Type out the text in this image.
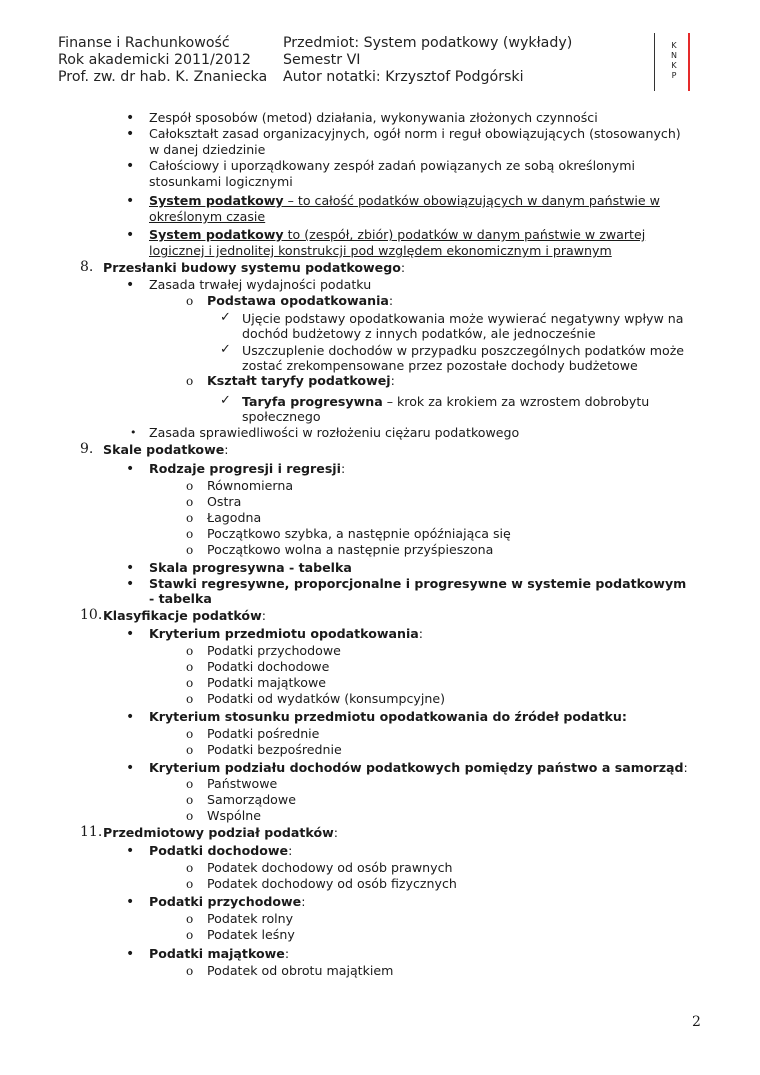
Finanse i Rachunkowość
Rok akademicki 2011/2012
Prof. zw. dr hab. K. Znaniecka
Przedmiot: System podatkowy (wykłady)
Semestr VI
Autor notatki: Krzysztof Podgórski
K N K P
• Zespół sposobów (metod) działania, wykonywania złożonych czynności
• Całokształt zasad organizacyjnych, ogół norm i reguł obowiązujących (stosowanych)
w danej dziedzinie
• Całościowy i uporządkowany zespół zadań powiązanych ze sobą określonymi
stosunkami logicznymi
• System podatkowy – to całość podatków obowiązujących w danym państwie w
określonym czasie
• System podatkowy to (zespół, zbiór) podatków w danym państwie w zwartej
logicznej i jednolitej konstrukcji pod względem ekonomicznym i prawnym
8. Przesłanki budowy systemu podatkowego:
• Zasada trwałej wydajności podatku
o Podstawa opodatkowania:
✓ Ujęcie podstawy opodatkowania może wywierać negatywny wpływ na
dochód budżetowy z innych podatków, ale jednocześnie
✓ Uszczuplenie dochodów w przypadku poszczególnych podatków może
zostać zrekompensowane przez pozostałe dochody budżetowe
o Kształt taryfy podatkowej:
✓ Taryfa progresywna – krok za krokiem za wzrostem dobrobytu
społecznego
• Zasada sprawiedliwości w rozłożeniu ciężaru podatkowego
9. Skale podatkowe:
• Rodzaje progresji i regresji:
o Równomierna
o Ostra
o Łagodna
o Początkowo szybka, a następnie opóźniająca się
o Początkowo wolna a następnie przyśpieszona
• Skala progresywna - tabelka
• Stawki regresywne, proporcjonalne i progresywne w systemie podatkowym
- tabelka
10. Klasyfikacje podatków:
• Kryterium przedmiotu opodatkowania:
o Podatki przychodowe
o Podatki dochodowe
o Podatki majątkowe
o Podatki od wydatków (konsumpcyjne)
• Kryterium stosunku przedmiotu opodatkowania do źródeł podatku:
o Podatki pośrednie
o Podatki bezpośrednie
• Kryterium podziału dochodów podatkowych pomiędzy państwo a samorząd:
o Państwowe
o Samorządowe
o Wspólne
11. Przedmiotowy podział podatków:
• Podatki dochodowe:
o Podatek dochodowy od osób prawnych
o Podatek dochodowy od osób fizycznych
• Podatki przychodowe:
o Podatek rolny
o Podatek leśny
• Podatki majątkowe:
o Podatek od obrotu majątkiem
2
